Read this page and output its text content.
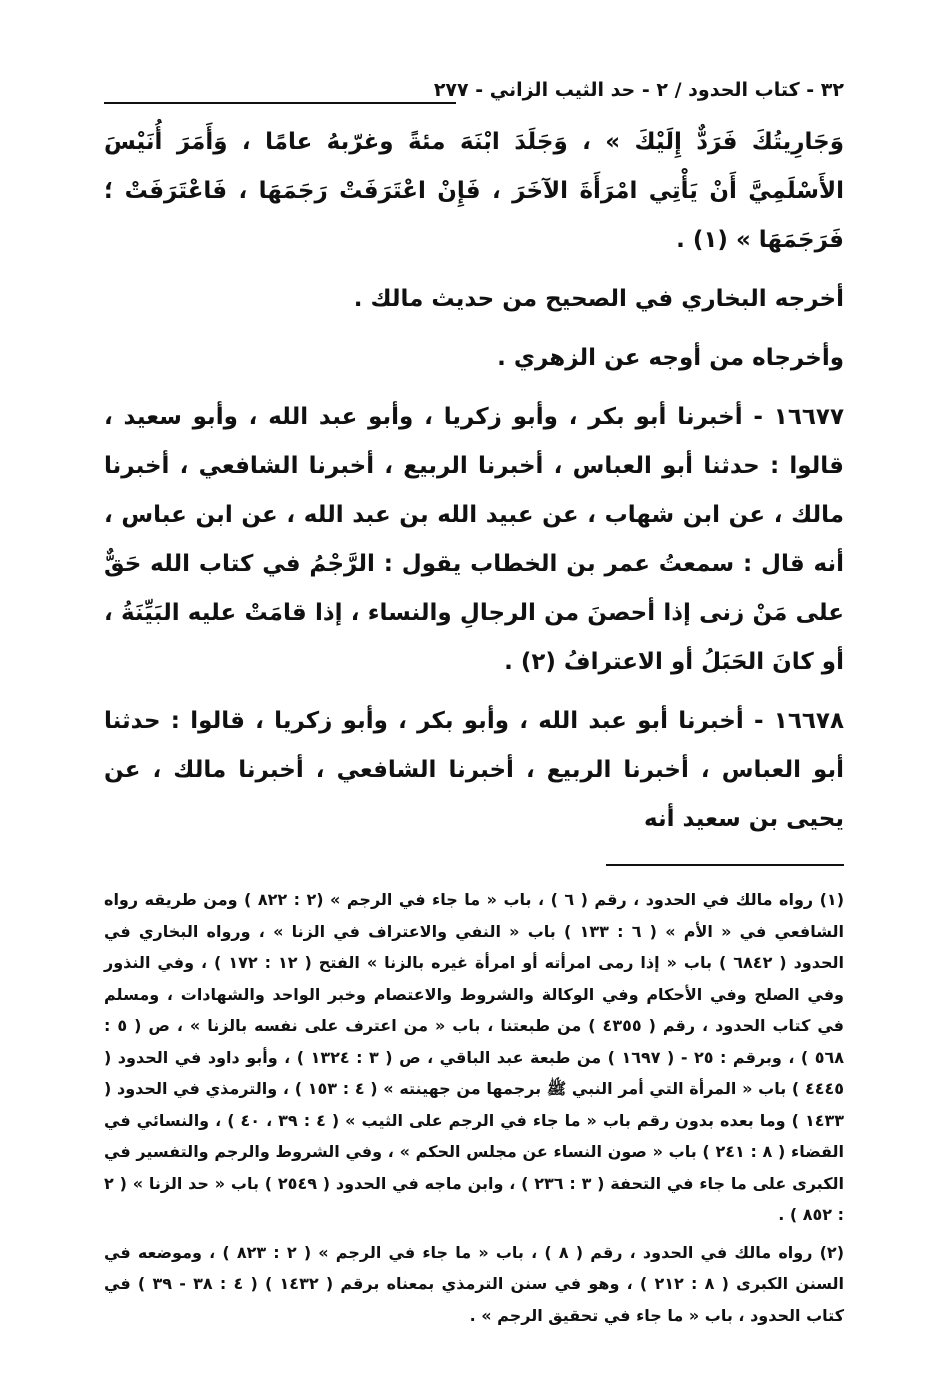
٣٢ - كتاب الحدود / ٢ - حد الثيب الزاني - ٢٧٧

وَجَارِيتُكَ فَرَدٌّ إِلَيْكَ » ، وَجَلَدَ ابْنَهَ مئةً وغرّبهُ عامًا ، وَأَمَرَ أُنَيْسَ الأَسْلَمِيَّ أَنْ يَأْتِي امْرَأَةَ الآخَرَ ، فَإِنْ اعْتَرَفَتْ رَجَمَهَا ، فَاعْتَرَفَتْ ؛ فَرَجَمَهَا » (١) .

أخرجه البخاري في الصحيح من حديث مالك .

وأخرجاه من أوجه عن الزهري .

١٦٦٧٧ - أخبرنا أبو بكر ، وأبو زكريا ، وأبو عبد الله ، وأبو سعيد ، قالوا : حدثنا أبو العباس ، أخبرنا الربيع ، أخبرنا الشافعي ، أخبرنا مالك ، عن ابن شهاب ، عن عبيد الله بن عبد الله ، عن ابن عباس ، أنه قال : سمعتُ عمر بن الخطاب يقول : الرَّجْمُ في كتاب الله حَقٌّ على مَنْ زنى إذا أحصنَ من الرجالِ والنساء ، إذا قامَتْ عليه البَيِّنَةُ ، أو كانَ الحَبَلُ أو الاعترافُ (٢) .

١٦٦٧٨ - أخبرنا أبو عبد الله ، وأبو بكر ، وأبو زكريا ، قالوا : حدثنا أبو العباس ، أخبرنا الربيع ، أخبرنا الشافعي ، أخبرنا مالك ، عن يحيى بن سعيد أنه

(١) رواه مالك في الحدود ، رقم ( ٦ ) ، باب « ما جاء في الرجم » (٢ : ٨٢٢ ) ومن طريقه رواه الشافعي في « الأم » ( ٦ : ١٣٣ ) باب « النفي والاعتراف في الزنا » ، ورواه البخاري في الحدود ( ٦٨٤٢ ) باب « إذا رمى امرأته أو امرأة غيره بالزنا » الفتح ( ١٢ : ١٧٢ ) ، وفي النذور وفي الصلح وفي الأحكام وفي الوكالة والشروط والاعتصام وخبر الواحد والشهادات ، ومسلم في كتاب الحدود ، رقم ( ٤٣٥٥ ) من طبعتنا ، باب « من اعترف على نفسه بالزنا » ، ص ( ٥ : ٥٦٨ ) ، وبرقم : ٢٥ - ( ١٦٩٧ ) من طبعة عبد الباقي ، ص ( ٣ : ١٣٢٤ ) ، وأبو داود في الحدود ( ٤٤٤٥ ) باب « المرأة التي أمر النبي ﷺ برجمها من جهينته » ( ٤ : ١٥٣ ) ، والترمذي في الحدود ( ١٤٣٣ ) وما بعده بدون رقم باب « ما جاء في الرجم على الثيب » ( ٤ : ٣٩ ، ٤٠ ) ، والنسائي في القضاء ( ٨ : ٢٤١ ) باب « صون النساء عن مجلس الحكم » ، وفي الشروط والرجم والتفسير في الكبرى على ما جاء في التحفة ( ٣ : ٢٣٦ ) ، وابن ماجه في الحدود ( ٢٥٤٩ ) باب « حد الزنا » ( ٢ : ٨٥٢ ) .

(٢) رواه مالك في الحدود ، رقم ( ٨ ) ، باب « ما جاء في الرجم » ( ٢ : ٨٢٣ ) ، وموضعه في السنن الكبرى ( ٨ : ٢١٢ ) ، وهو في سنن الترمذي بمعناه برقم ( ١٤٣٢ ) ( ٤ : ٣٨ - ٣٩ ) في كتاب الحدود ، باب « ما جاء في تحقيق الرجم » .
